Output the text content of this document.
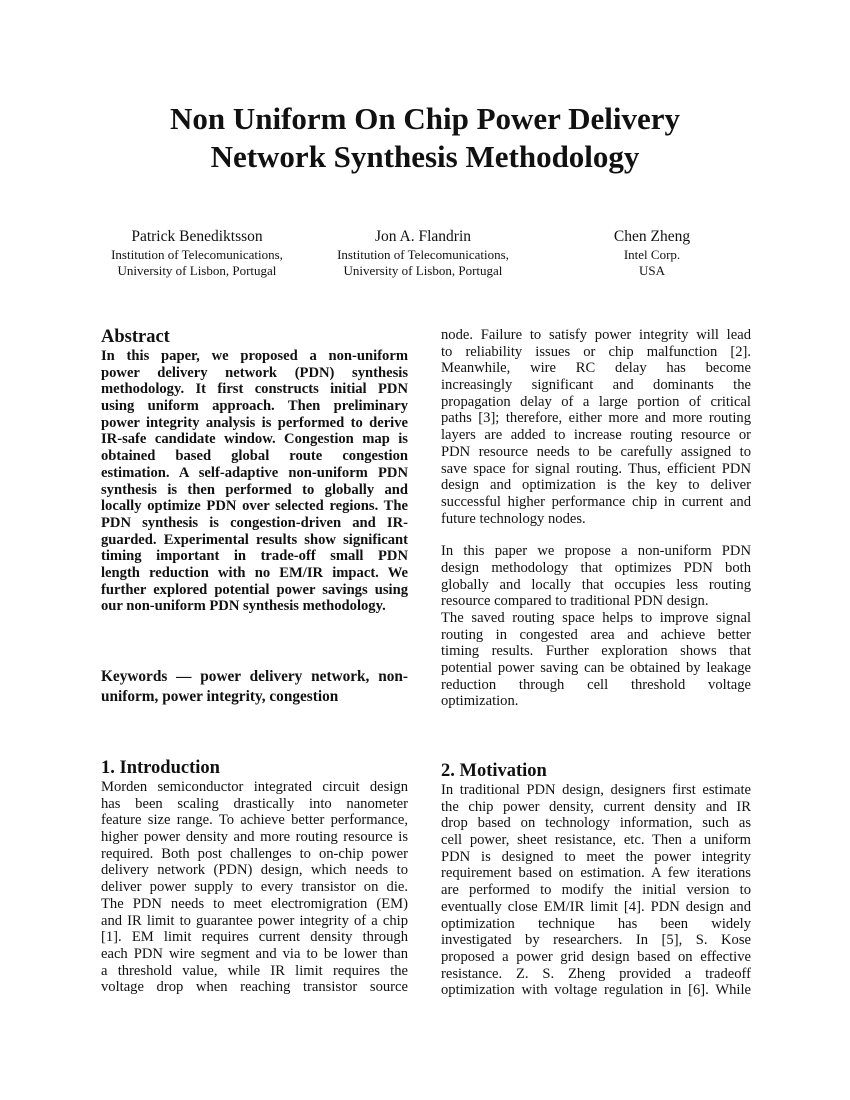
Non Uniform On Chip Power Delivery
Network Synthesis Methodology
Patrick Benediktsson
Institution of Telecomunications,
University of Lisbon, Portugal
Jon A. Flandrin
Institution of Telecomunications,
University of Lisbon, Portugal
Chen Zheng
Intel Corp.
USA
Abstract
In this paper, we proposed a non-uniform
power delivery network (PDN) synthesis
methodology. It first constructs initial PDN
using uniform approach. Then preliminary
power integrity analysis is performed to derive
IR-safe candidate window. Congestion map is
obtained based global route congestion
estimation. A self-adaptive non-uniform PDN
synthesis is then performed to globally and
locally optimize PDN over selected regions. The
PDN synthesis is congestion-driven and IR-
guarded. Experimental results show significant
timing important in trade-off small PDN
length reduction with no EM/IR impact. We
further explored potential power savings using
our non-uniform PDN synthesis methodology.
Keywords — power delivery network, non-
uniform, power integrity, congestion
node. Failure to satisfy power integrity will lead
to reliability issues or chip malfunction [2].
Meanwhile, wire RC delay has become
increasingly significant and dominants the
propagation delay of a large portion of critical
paths [3]; therefore, either more and more routing
layers are added to increase routing resource or
PDN resource needs to be carefully assigned to
save space for signal routing. Thus, efficient PDN
design and optimization is the key to deliver
successful higher performance chip in current and
future technology nodes.
In this paper we propose a non-uniform PDN
design methodology that optimizes PDN both
globally and locally that occupies less routing
resource compared to traditional PDN design.
The saved routing space helps to improve signal
routing in congested area and achieve better
timing results. Further exploration shows that
potential power saving can be obtained by leakage
reduction through cell threshold voltage
optimization.
1. Introduction
Morden semiconductor integrated circuit design
has been scaling drastically into nanometer
feature size range. To achieve better performance,
higher power density and more routing resource is
required. Both post challenges to on-chip power
delivery network (PDN) design, which needs to
deliver power supply to every transistor on die.
The PDN needs to meet electromigration (EM)
and IR limit to guarantee power integrity of a chip
[1]. EM limit requires current density through
each PDN wire segment and via to be lower than
a threshold value, while IR limit requires the
voltage drop when reaching transistor source
2. Motivation
In traditional PDN design, designers first estimate
the chip power density, current density and IR
drop based on technology information, such as
cell power, sheet resistance, etc. Then a uniform
PDN is designed to meet the power integrity
requirement based on estimation. A few iterations
are performed to modify the initial version to
eventually close EM/IR limit [4]. PDN design and
optimization technique has been widely
investigated by researchers. In [5], S. Kose
proposed a power grid design based on effective
resistance. Z. S. Zheng provided a tradeoff
optimization with voltage regulation in [6]. While
